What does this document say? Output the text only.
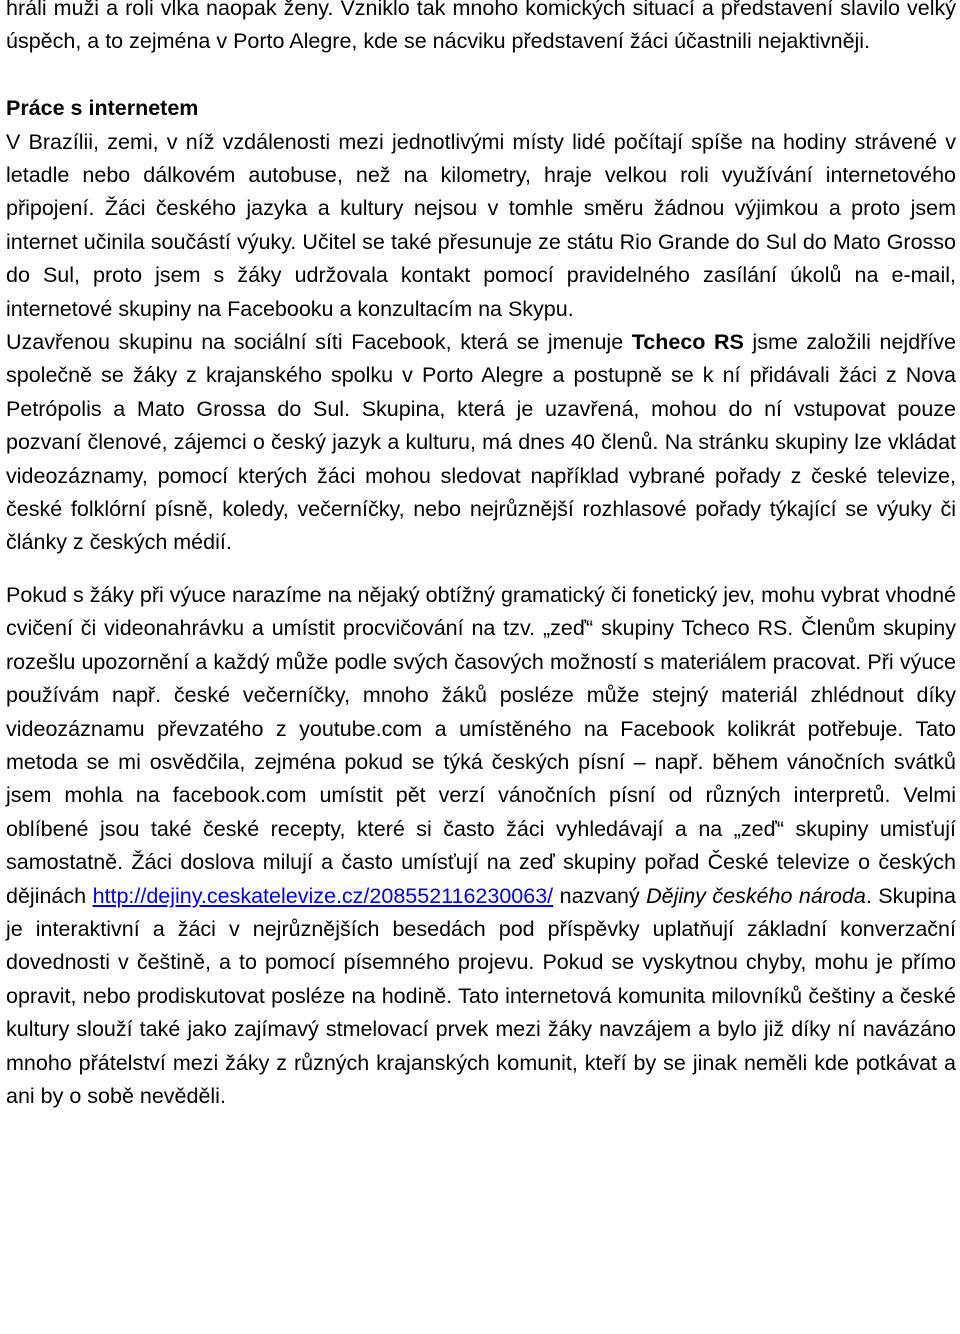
hráli muži a roli vlka naopak ženy. Vzniklo tak mnoho komických situací a představení slavilo velký úspěch, a to zejména v Porto Alegre, kde se nácviku představení žáci účastnili nejaktivněji.

Práce s internetem

V Brazílii, zemi, v níž vzdálenosti mezi jednotlivými místy lidé počítají spíše na hodiny strávené v letadle nebo dálkovém autobuse, než na kilometry, hraje velkou roli využívání internetového připojení. Žáci českého jazyka a kultury nejsou v tomhle směru žádnou výjimkou a proto jsem internet učinila součástí výuky. Učitel se také přesunuje ze státu Rio Grande do Sul do Mato Grosso do Sul, proto jsem s žáky udržovala kontakt pomocí pravidelného zasílání úkolů na e-mail, internetové skupiny na Facebooku a konzultacím na Skypu.

Uzavřenou skupinu na sociální síti Facebook, která se jmenuje Tcheco RS jsme založili nejdříve společně se žáky z krajanského spolku v Porto Alegre a postupně se k ní přidávali žáci z Nova Petrópolis a Mato Grossa do Sul. Skupina, která je uzavřená, mohou do ní vstupovat pouze pozvaní členové, zájemci o český jazyk a kulturu, má dnes 40 členů. Na stránku skupiny lze vkládat videozáznamy, pomocí kterých žáci mohou sledovat například vybrané pořady z české televize, české folklórní písně, koledy, večerníčky, nebo nejrůznější rozhlasové pořady týkající se výuky či články z českých médií.

Pokud s žáky při výuce narazíme na nějaký obtížný gramatický či fonetický jev, mohu vybrat vhodné cvičení či videonahrávku a umístit procvičování na tzv. „zeď“ skupiny Tcheco RS. Členům skupiny rozešlu upozornění a každý může podle svých časových možností s materiálem pracovat. Při výuce používám např. české večerníčky, mnoho žáků posléze může stejný materiál zhlédnout díky videozáznamu převzatého z youtube.com a umístěného na Facebook kolikrát potřebuje. Tato metoda se mi osvědčila, zejména pokud se týká českých písní – např. během vánočních svátků jsem mohla na facebook.com umístit pět verzí vánočních písní od různých interpretů. Velmi oblíbené jsou také české recepty, které si často žáci vyhledávají a na „zeď“ skupiny umisťují samostatně. Žáci doslova milují a často umísťují na zeď skupiny pořad České televize o českých dějinách http://dejiny.ceskatelevize.cz/208552116230063/ nazvaný Dějiny českého národa. Skupina je interaktivní a žáci v nejrůznějších besedách pod příspěvky uplatňují základní konverzační dovednosti v češtině, a to pomocí písemného projevu. Pokud se vyskytnou chyby, mohu je přímo opravit, nebo prodiskutovat posléze na hodině. Tato internetová komunita milovníků češtiny a české kultury slouží také jako zajímavý stmelovací prvek mezi žáky navzájem a bylo již díky ní navázáno mnoho přátelství mezi žáky z různých krajanských komunit, kteří by se jinak neměli kde potkávat a ani by o sobě nevěděli.
